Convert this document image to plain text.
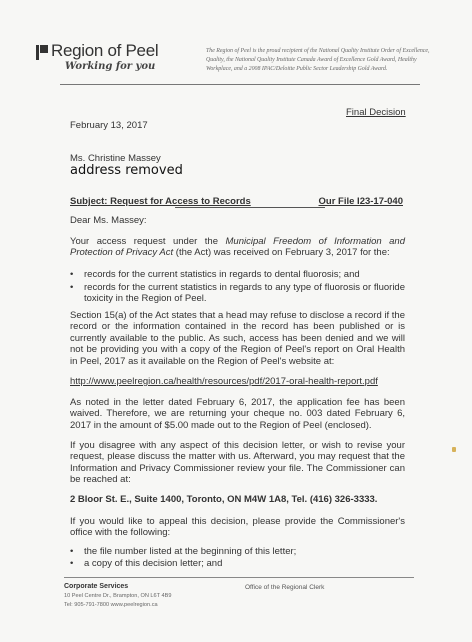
Region of Peel
Working for you
The Region of Peel is the proud recipient of the National Quality Institute Order of Excellence, Quality, the National Quality Institute Canada Award of Excellence Gold Award, Healthy Workplace, and a 2008 IPAC/Deloitte Public Sector Leadership Gold Award.
Final Decision
February 13, 2017
Ms. Christine Massey
address removed
Subject: Request for Access to Records	Our File I23-17-040
Dear Ms. Massey:
Your access request under the Municipal Freedom of Information and Protection of Privacy Act (the Act) was received on February 3, 2017 for the:
• records for the current statistics in regards to dental fluorosis; and
• records for the current statistics in regards to any type of fluorosis or fluoride toxicity in the Region of Peel.
Section 15(a) of the Act states that a head may refuse to disclose a record if the record or the information contained in the record has been published or is currently available to the public. As such, access has been denied and we will not be providing you with a copy of the Region of Peel's report on Oral Health in Peel, 2017 as it available on the Region of Peel's website at:
http://www.peelregion.ca/health/resources/pdf/2017-oral-health-report.pdf
As noted in the letter dated February 6, 2017, the application fee has been waived. Therefore, we are returning your cheque no. 003 dated February 6, 2017 in the amount of $5.00 made out to the Region of Peel (enclosed).
If you disagree with any aspect of this decision letter, or wish to revise your request, please discuss the matter with us. Afterward, you may request that the Information and Privacy Commissioner review your file. The Commissioner can be reached at:
2 Bloor St. E., Suite 1400, Toronto, ON M4W 1A8, Tel. (416) 326-3333.
If you would like to appeal this decision, please provide the Commissioner's office with the following:
• the file number listed at the beginning of this letter;
• a copy of this decision letter; and
Corporate Services
10 Peel Centre Dr., Brampton, ON L6T 4B9
Tel: 905-791-7800 www.peelregion.ca
Office of the Regional Clerk
